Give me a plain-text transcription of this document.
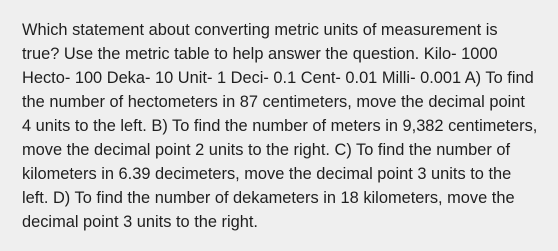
Which statement about converting metric units of measurement is true? Use the metric table to help answer the question. Kilo- 1000 Hecto- 100 Deka- 10 Unit- 1 Deci- 0.1 Cent- 0.01 Milli- 0.001 A) To find the number of hectometers in 87 centimeters, move the decimal point 4 units to the left. B) To find the number of meters in 9,382 centimeters, move the decimal point 2 units to the right. C) To find the number of kilometers in 6.39 decimeters, move the decimal point 3 units to the left. D) To find the number of dekameters in 18 kilometers, move the decimal point 3 units to the right.
